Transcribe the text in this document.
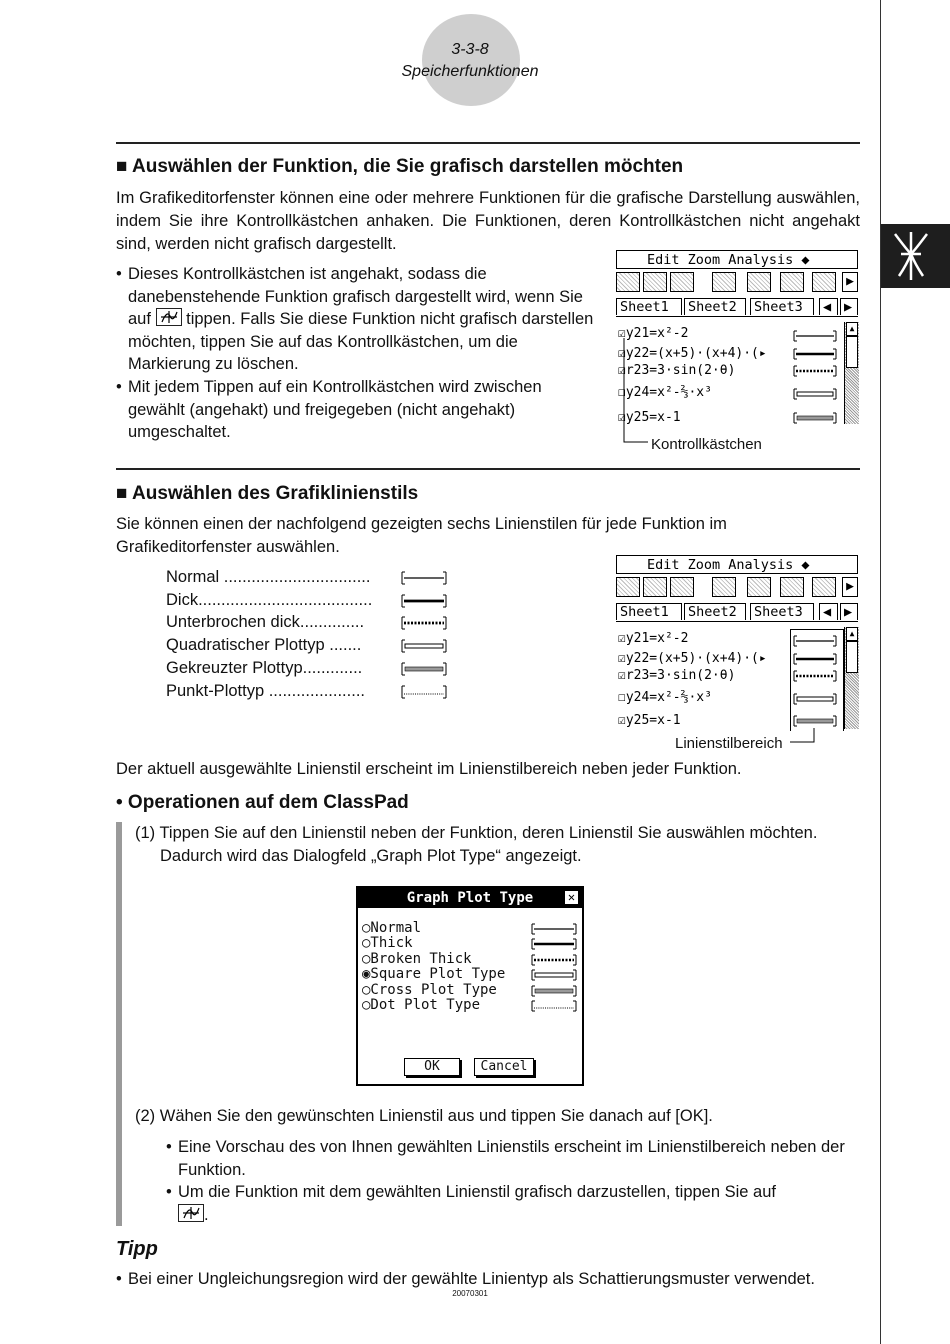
3-3-8
Speicherfunktionen
■ Auswählen der Funktion, die Sie grafisch darstellen möchten
Im Grafikeditorfenster können eine oder mehrere Funktionen für die grafische Darstellung auswählen, indem Sie ihre Kontrollkästchen anhaken. Die Funktionen, deren Kontrollkästchen nicht angehakt sind, werden nicht grafisch dargestellt.
• Dieses Kontrollkästchen ist angehakt, sodass die danebenstehende Funktion grafisch dargestellt wird, wenn Sie auf tippen. Falls Sie diese Funktion nicht grafisch darstellen möchten, tippen Sie auf das Kontrollkästchen, um die Markierung zu löschen.
• Mit jedem Tippen auf ein Kontrollkästchen wird zwischen gewählt (angehakt) und freigegeben (nicht angehakt) umgeschaltet.
Edit Zoom Analysis ◆
▶
Sheet1	Sheet2	Sheet3	◀ ▶
☑y21=x²-2
☑y22=(x+5)·(x+4)·(▸
☑r23=3·sin(2·θ)
☐y24=x²-⅔·x³
☑y25=x-1
▲
Kontrollkästchen
■ Auswählen des Grafiklinienstils
Sie können einen der nachfolgend gezeigten sechs Linienstilen für jede Funktion im Grafikeditorfenster auswählen.
Normal ................................
Dick......................................
Unterbrochen dick..............
Quadratischer Plottyp .......
Gekreuzter Plottyp.............
Punkt-Plottyp .....................
Edit Zoom Analysis ◆
▶
Sheet1	Sheet2	Sheet3	◀ ▶
☑y21=x²-2
☑y22=(x+5)·(x+4)·(▸
☑r23=3·sin(2·θ)
☐y24=x²-⅔·x³
☑y25=x-1
▲
Linienstilbereich
Der aktuell ausgewählte Linienstil erscheint im Linienstilbereich neben jeder Funktion.
• Operationen auf dem ClassPad
(1) Tippen Sie auf den Linienstil neben der Funktion, deren Linienstil Sie auswählen möchten. Dadurch wird das Dialogfeld „Graph Plot Type“ angezeigt.
Graph Plot Type	✕
○Normal
○Thick
○Broken Thick
◉Square Plot Type
○Cross Plot Type
○Dot Plot Type
OK	Cancel
(2) Wähen Sie den gewünschten Linienstil aus und tippen Sie danach auf [OK].
• Eine Vorschau des von Ihnen gewählten Linienstils erscheint im Linienstilbereich neben der Funktion.
• Um die Funktion mit dem gewählten Linienstil grafisch darzustellen, tippen Sie auf

.
Tipp
• Bei einer Ungleichungsregion wird der gewählte Linientyp als Schattierungsmuster verwendet.
20070301
